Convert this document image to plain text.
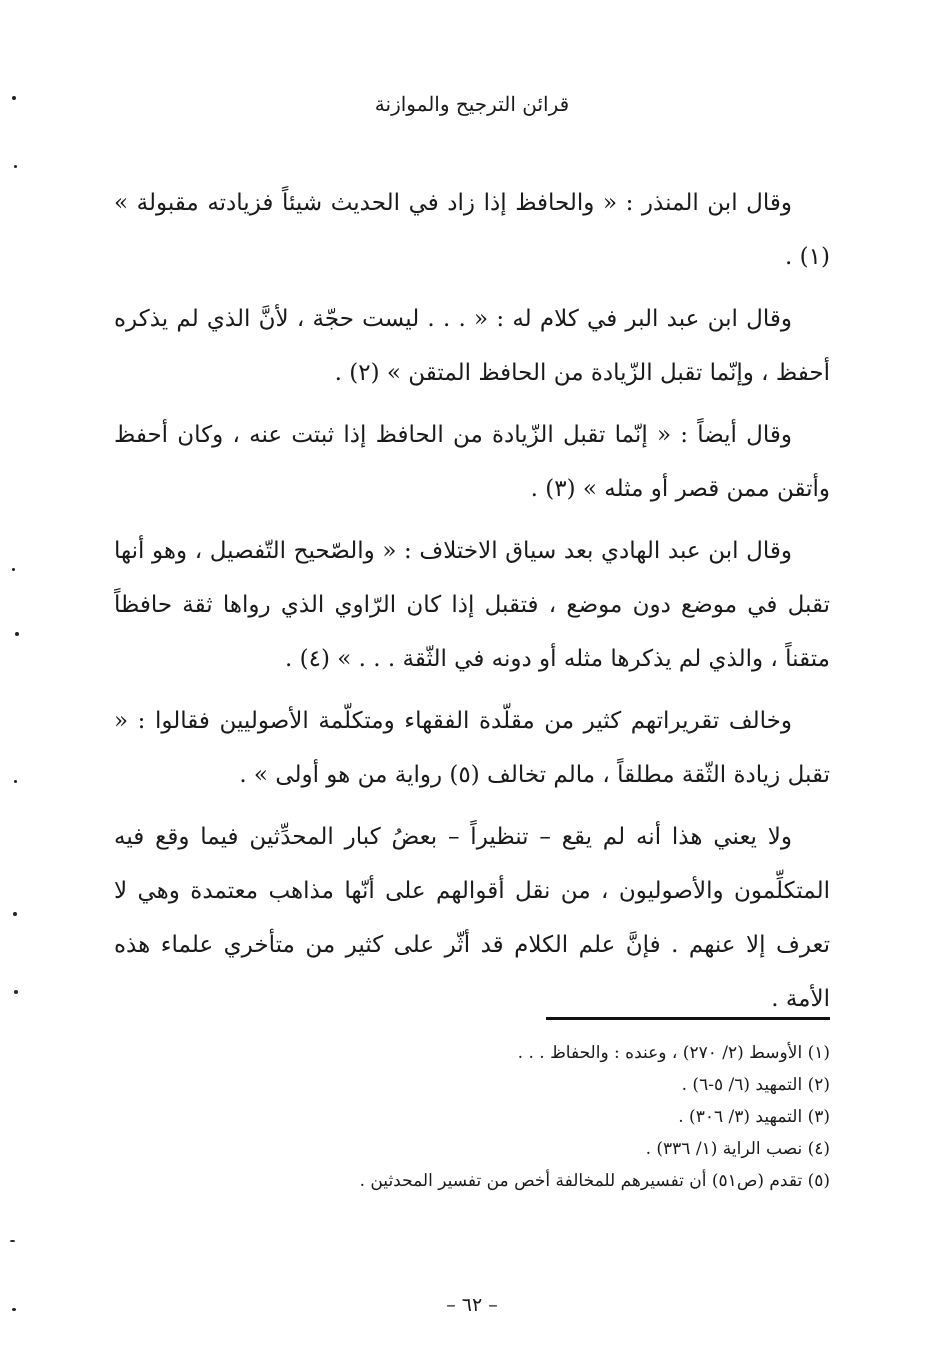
قرائن الترجيح والموازنة

وقال ابن المنذر : « والحافظ إذا زاد في الحديث شيئاً فزيادته مقبولة » (١) .

وقال ابن عبد البر في كلام له : « . . . ليست حجّة ، لأنَّ الذي لم يذكره أحفظ ، وإنّما تقبل الزّيادة من الحافظ المتقن » (٢) .

وقال أيضاً : « إنّما تقبل الزّيادة من الحافظ إذا ثبتت عنه ، وكان أحفظ وأتقن ممن قصر أو مثله » (٣) .

وقال ابن عبد الهادي بعد سياق الاختلاف : « والصّحيح التّفصيل ، وهو أنها تقبل في موضع دون موضع ، فتقبل إذا كان الرّاوي الذي رواها ثقة حافظاً متقناً ، والذي لم يذكرها مثله أو دونه في الثّقة . . . » (٤) .

وخالف تقريراتهم كثير من مقلّدة الفقهاء ومتكلّمة الأصوليين فقالوا : « تقبل زيادة الثّقة مطلقاً ، مالم تخالف (٥) رواية من هو أولى » .

ولا يعني هذا أنه لم يقع – تنظيراً – بعضُ كبار المحدِّثين فيما وقع فيه المتكلِّمون والأصوليون ، من نقل أقوالهم على أنّها مذاهب معتمدة وهي لا تعرف إلا عنهم . فإنَّ علم الكلام قد أثّر على كثير من متأخري علماء هذه الأمة .

(١) الأوسط (٢/ ٢٧٠) ، وعنده : والحفاظ . . .

(٢) التمهيد (٦/ ٥-٦) .

(٣) التمهيد (٣/ ٣٠٦) .

(٤) نصب الراية (١/ ٣٣٦) .

(٥) تقدم (ص٥١) أن تفسيرهم للمخالفة أخص من تفسير المحدثين .

– ٦٢ –
